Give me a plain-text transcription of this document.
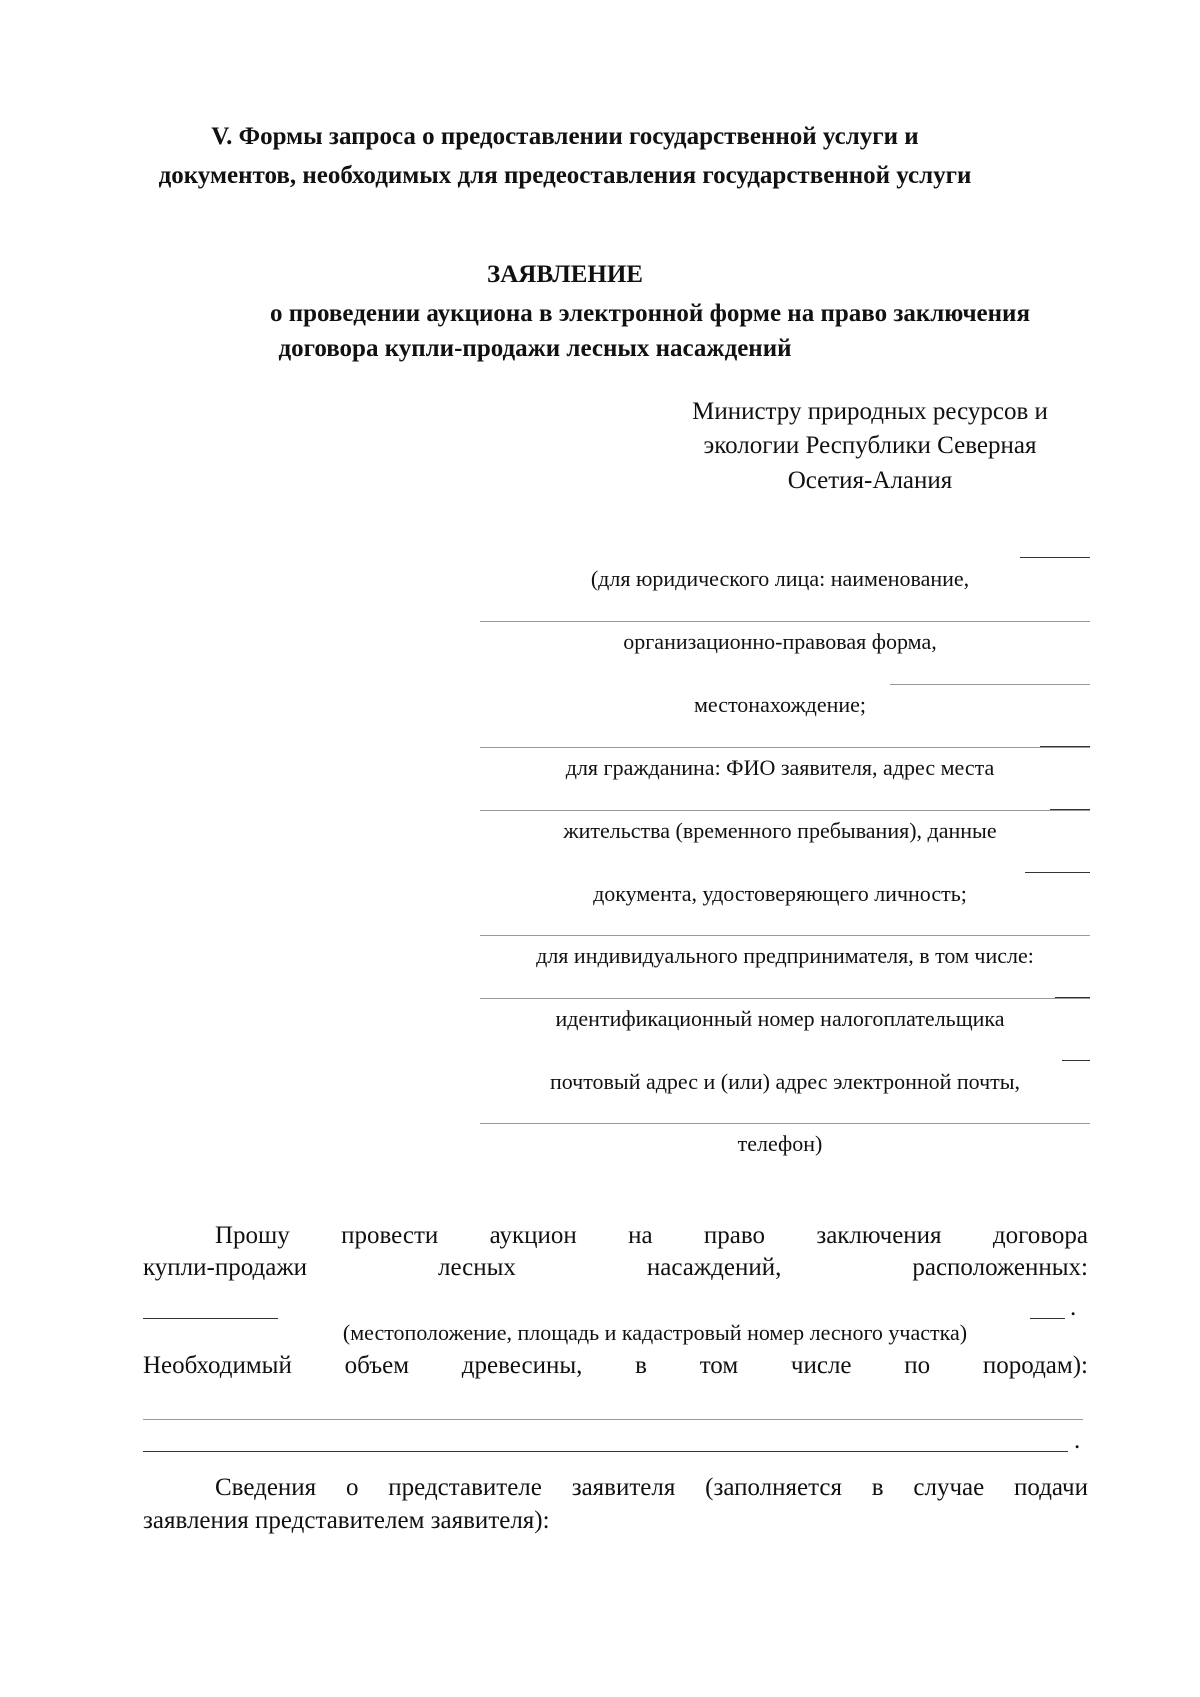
V. Формы запроса о предоставлении государственной услуги и
документов, необходимых для предеоставления государственной услуги
ЗАЯВЛЕНИЕ
о проведении аукциона в электронной форме на право заключения
договора купли-продажи лесных насаждений
Министру природных ресурсов и
экологии Республики Северная
Осетия-Алания
(для юридического лица: наименование,
организационно-правовая форма,
местонахождение;
для гражданина: ФИО заявителя, адрес места
жительства (временного пребывания), данные
документа, удостоверяющего личность;
для индивидуального предпринимателя, в том числе:
идентификационный номер налогоплательщика
почтовый адрес и (или) адрес электронной почты,
телефон)
Прошу провести аукцион на право заключения договора
купли-продажи	лесных	насаждений,	расположенных:
.
(местоположение, площадь и кадастровый номер лесного участка)
Необходимый объем древесины, в том числе по породам):
.
Сведения о представителе заявителя (заполняется в случае подачи
заявления представителем заявителя):
